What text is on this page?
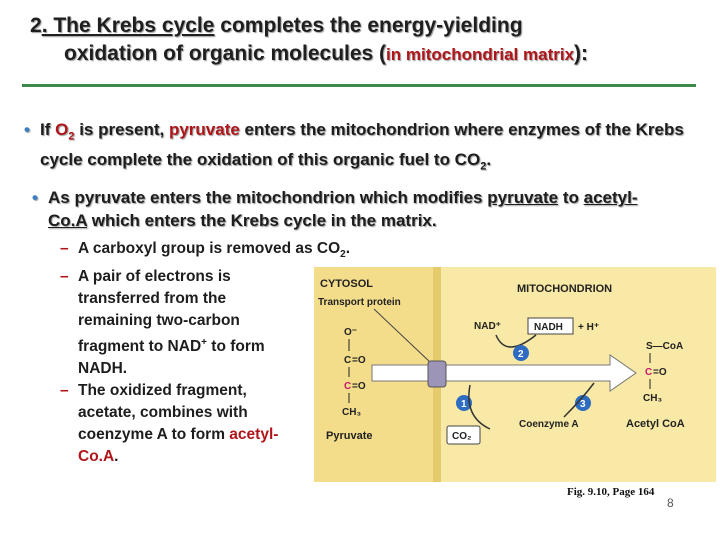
2. The Krebs cycle completes the energy-yielding
oxidation of organic molecules (in mitochondrial matrix):
• If $O_2$ is present, pyruvate enters the mitochondrion where enzymes of the Krebs cycle complete the oxidation of this organic fuel to $CO_2$.
• As pyruvate enters the mitochondrion which modifies pyruvate to acetyl-Co.A which enters the Krebs cycle in the matrix.
– A carboxyl group is removed as $CO_2$.
– A pair of electrons is transferred from the remaining two-carbon fragment to NAD+ to form NADH.
– The oxidized fragment, acetate, combines with coenzyme A to form acetyl-Co.A.
CYTOSOL
Transport protein
MITOCHONDRION
O⁻
C =O
C =O
CH₃
Pyruvate
NAD⁺	NADH + H⁺
2
1
CO₂
3
Coenzyme A
S—CoA
C =O
CH₃
Acetyl CoA
Fig. 9.10, Page 164
8
